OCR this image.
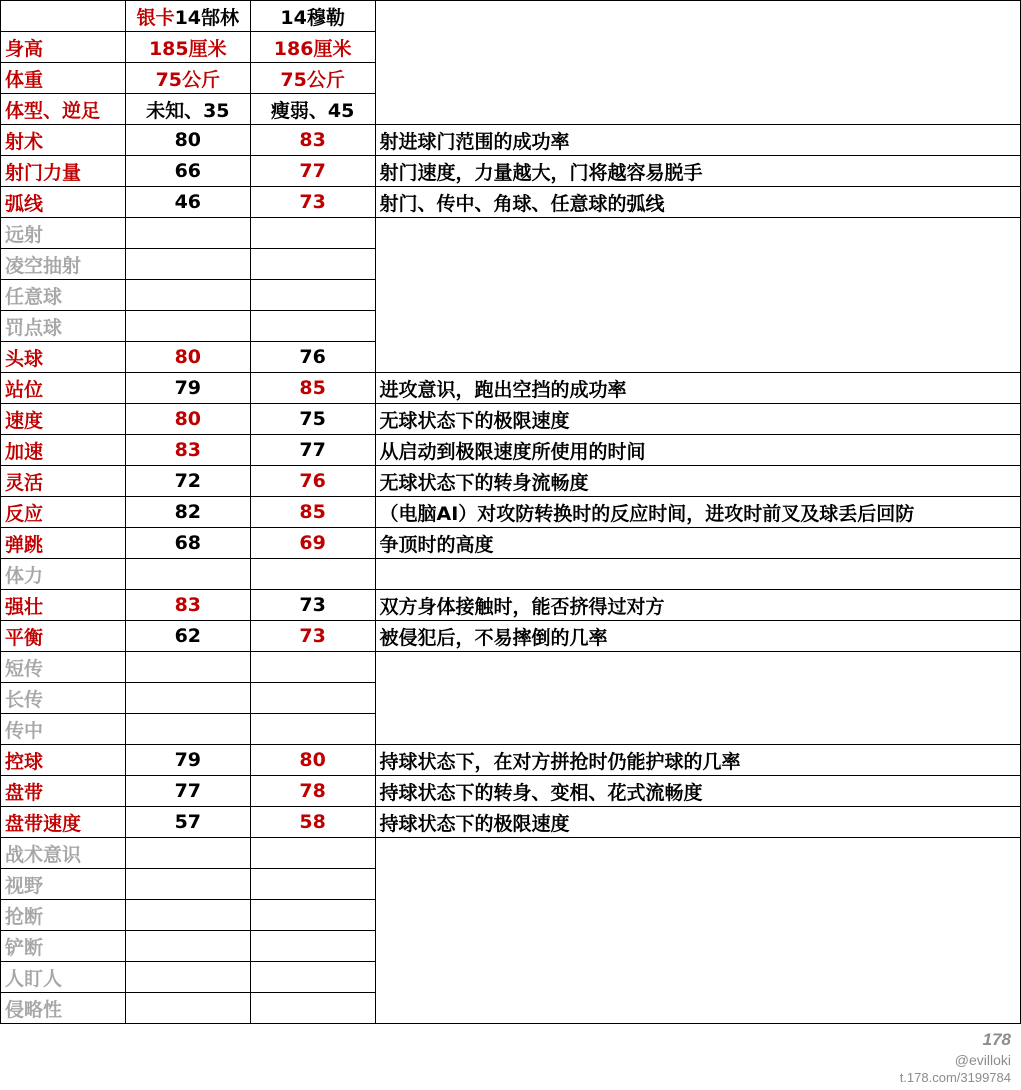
	银卡14郜林	14穆勒	
身高	185厘米	186厘米	
体重	75公斤	75公斤	
体型、逆足	未知、35	瘦弱、45	
射术	80	83	射进球门范围的成功率
射门力量	66	77	射门速度，力量越大，门将越容易脱手
弧线	46	73	射门、传中、角球、任意球的弧线
远射			
凌空抽射			
任意球			
罚点球			
头球	80	76	
站位	79	85	进攻意识，跑出空挡的成功率
速度	80	75	无球状态下的极限速度
加速	83	77	从启动到极限速度所使用的时间
灵活	72	76	无球状态下的转身流畅度
反应	82	85	（电脑AI）对攻防转换时的反应时间，进攻时前叉及球丢后回防
弹跳	68	69	争顶时的高度
体力			
强壮	83	73	双方身体接触时，能否挤得过对方
平衡	62	73	被侵犯后，不易摔倒的几率
短传			
长传			
传中			
控球	79	80	持球状态下，在对方拼抢时仍能护球的几率
盘带	77	78	持球状态下的转身、变相、花式流畅度
盘带速度	57	58	持球状态下的极限速度
战术意识			
视野			
抢断			
铲断			
人盯人			
侵略性			
178
@evilloki
t.178.com/3199784
